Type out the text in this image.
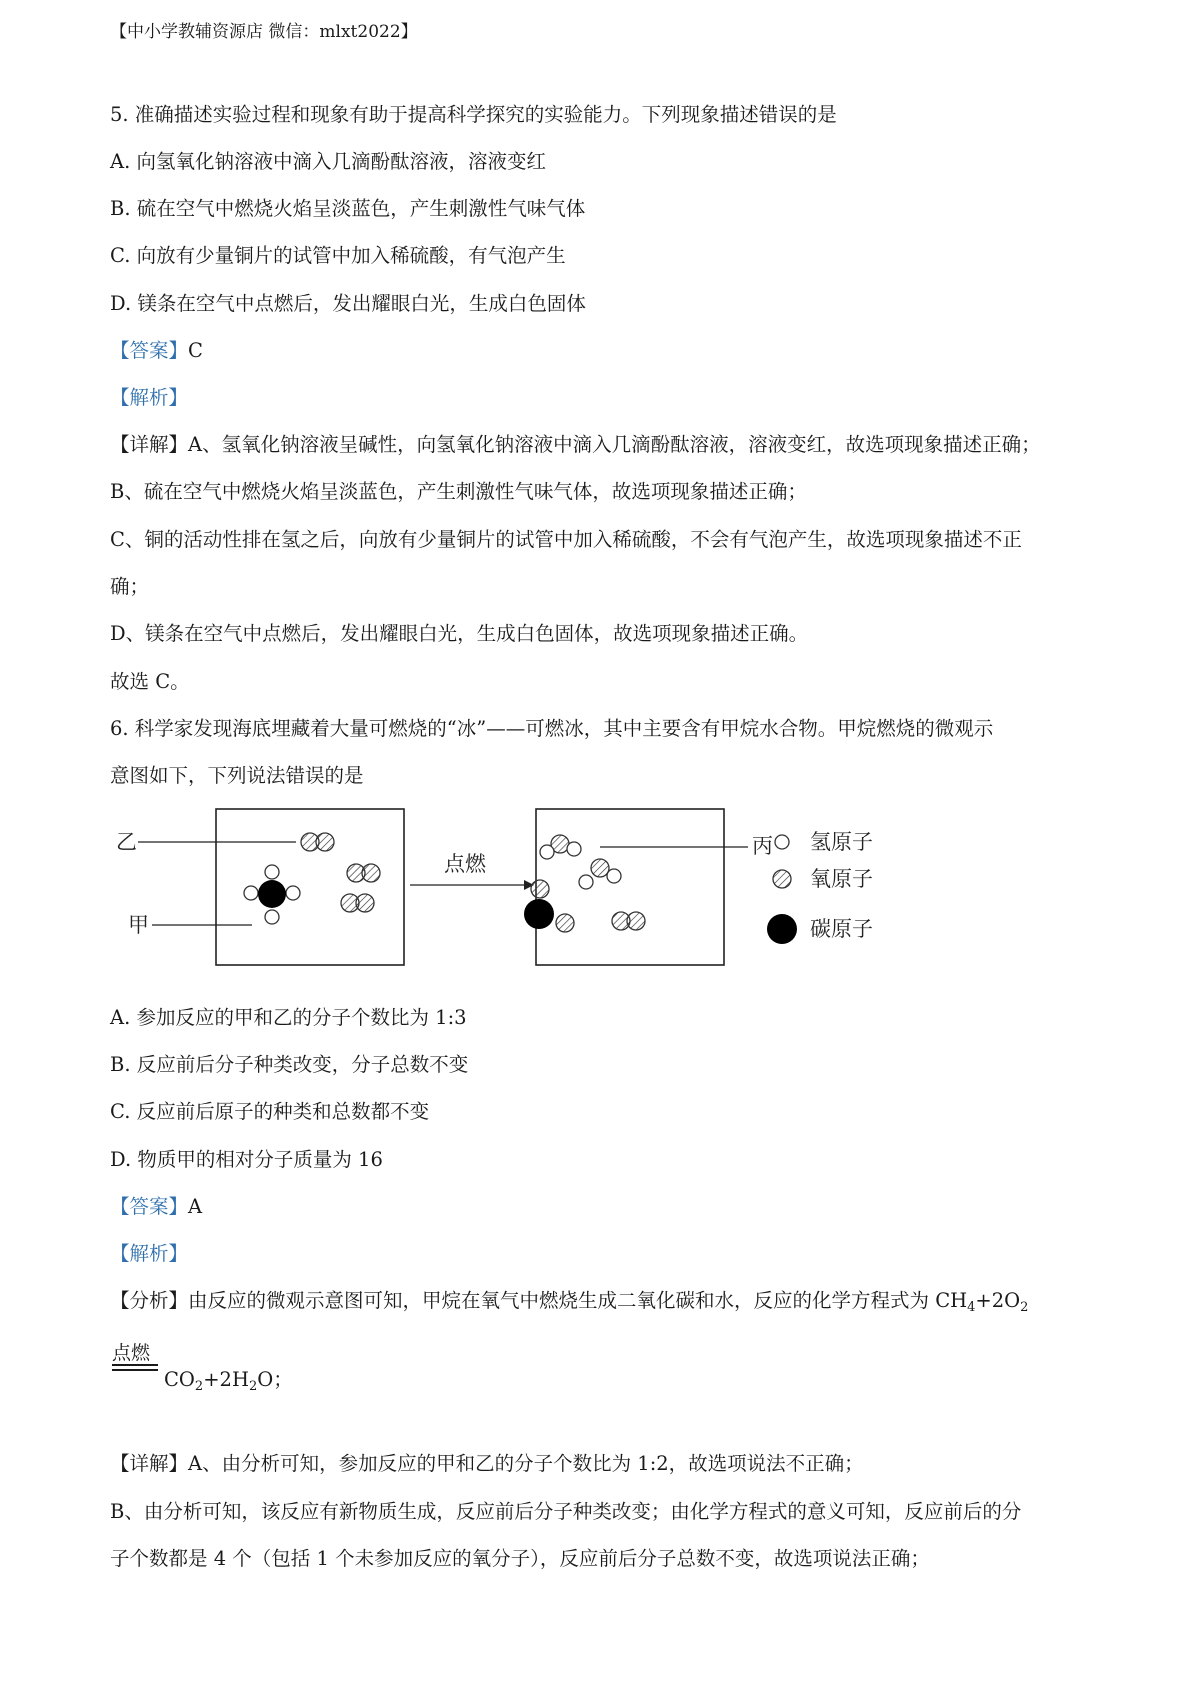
【中小学教辅资源店 微信：mlxt2022】
5. 准确描述实验过程和现象有助于提高科学探究的实验能力。下列现象描述错误的是
A. 向氢氧化钠溶液中滴入几滴酚酞溶液，溶液变红
B. 硫在空气中燃烧火焰呈淡蓝色，产生刺激性气味气体
C. 向放有少量铜片的试管中加入稀硫酸，有气泡产生
D. 镁条在空气中点燃后，发出耀眼白光，生成白色固体
【答案】C
【解析】
【详解】A、氢氧化钠溶液呈碱性，向氢氧化钠溶液中滴入几滴酚酞溶液，溶液变红，故选项现象描述正确；
B、硫在空气中燃烧火焰呈淡蓝色，产生刺激性气味气体，故选项现象描述正确；
C、铜的活动性排在氢之后，向放有少量铜片的试管中加入稀硫酸，不会有气泡产生，故选项现象描述不正
确；
D、镁条在空气中点燃后，发出耀眼白光，生成白色固体，故选项现象描述正确。
故选 C。
6. 科学家发现海底埋藏着大量可燃烧的“冰”——可燃冰，其中主要含有甲烷水合物。甲烷燃烧的微观示
意图如下，下列说法错误的是
乙
甲
丙
点燃
氢原子
氧原子
碳原子
A. 参加反应的甲和乙的分子个数比为 1:3
B. 反应前后分子种类改变，分子总数不变
C. 反应前后原子的种类和总数都不变
D. 物质甲的相对分子质量为 16
【答案】A
【解析】
【分析】由反应的微观示意图可知，甲烷在氧气中燃烧生成二氧化碳和水，反应的化学方程式为 $CH_4+2O_2$
点燃
$CO_2+2H_2O$；
【详解】A、由分析可知，参加反应的甲和乙的分子个数比为 1:2，故选项说法不正确；
B、由分析可知，该反应有新物质生成，反应前后分子种类改变；由化学方程式的意义可知，反应前后的分
子个数都是 4 个（包括 1 个未参加反应的氧分子），反应前后分子总数不变，故选项说法正确；
